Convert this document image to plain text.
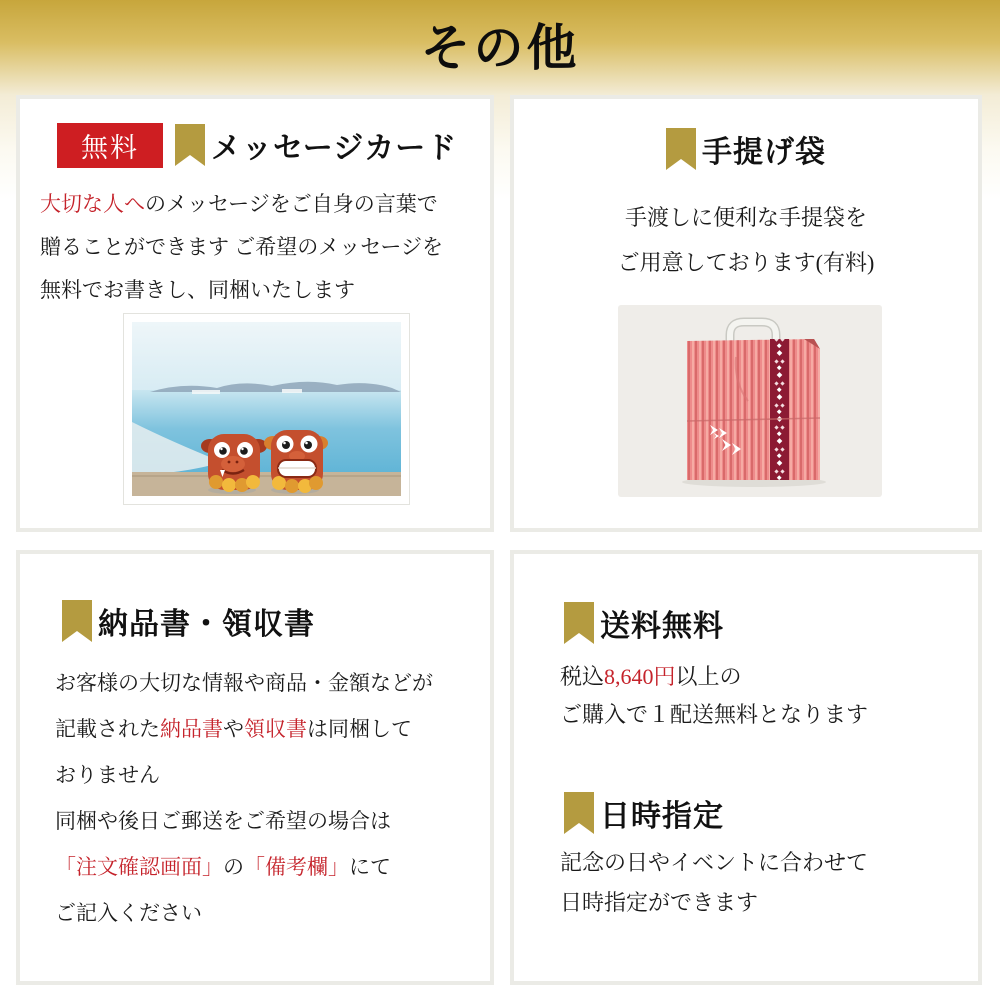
その他
無料	メッセージカード
大切な人へのメッセージをご自身の言葉で
贈ることができます ご希望のメッセージを
無料でお書きし、同梱いたします
手提げ袋
手渡しに便利な手提袋を
ご用意しております(有料)
納品書・領収書
お客様の大切な情報や商品・金額などが
記載された納品書や領収書は同梱して
おりません
同梱や後日ご郵送をご希望の場合は
「注文確認画面」の「備考欄」にて
ご記入ください
送料無料
税込8,640円以上の
ご購入で１配送無料となります
日時指定
記念の日やイベントに合わせて
日時指定ができます
